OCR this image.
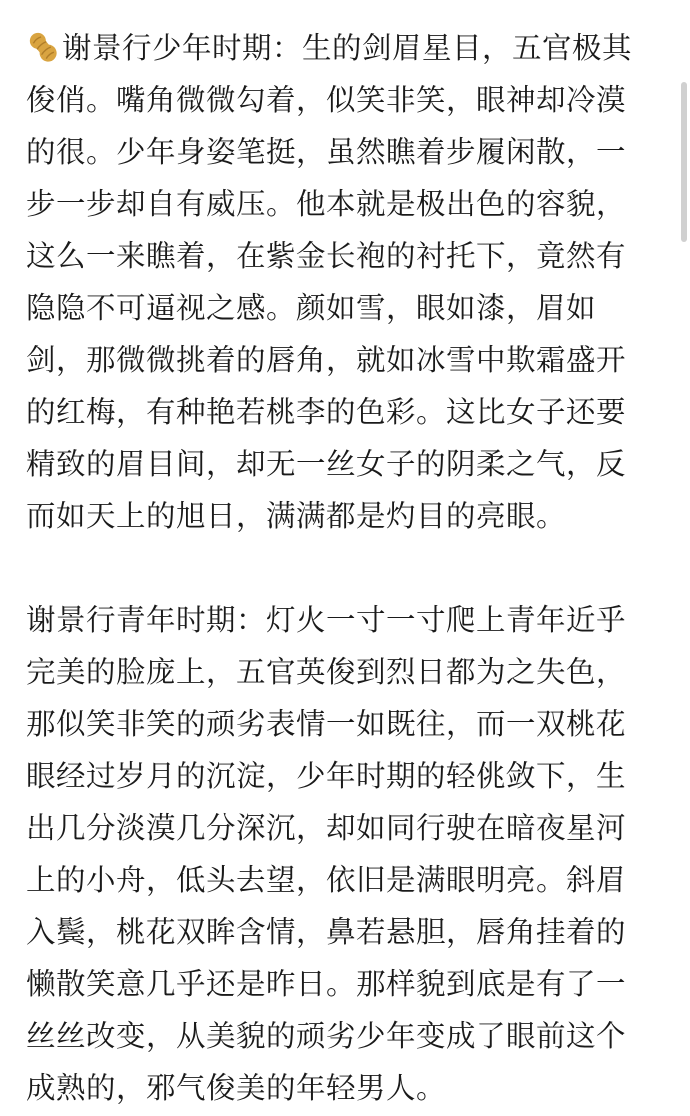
谢景行少年时期：生的剑眉星目，五官极其
俊俏。嘴角微微勾着，似笑非笑，眼神却冷漠
的很。少年身姿笔挺，虽然瞧着步履闲散，一
步一步却自有威压。他本就是极出色的容貌，
这么一来瞧着，在紫金长袍的衬托下，竟然有
隐隐不可逼视之感。颜如雪，眼如漆，眉如
剑，那微微挑着的唇角，就如冰雪中欺霜盛开
的红梅，有种艳若桃李的色彩。这比女子还要
精致的眉目间，却无一丝女子的阴柔之气，反
而如天上的旭日，满满都是灼目的亮眼。
谢景行青年时期：灯火一寸一寸爬上青年近乎
完美的脸庞上，五官英俊到烈日都为之失色，
那似笑非笑的顽劣表情一如既往，而一双桃花
眼经过岁月的沉淀，少年时期的轻佻敛下，生
出几分淡漠几分深沉，却如同行驶在暗夜星河
上的小舟，低头去望，依旧是满眼明亮。斜眉
入鬓，桃花双眸含情，鼻若悬胆，唇角挂着的
懒散笑意几乎还是昨日。那样貌到底是有了一
丝丝改变，从美貌的顽劣少年变成了眼前这个
成熟的，邪气俊美的年轻男人。
